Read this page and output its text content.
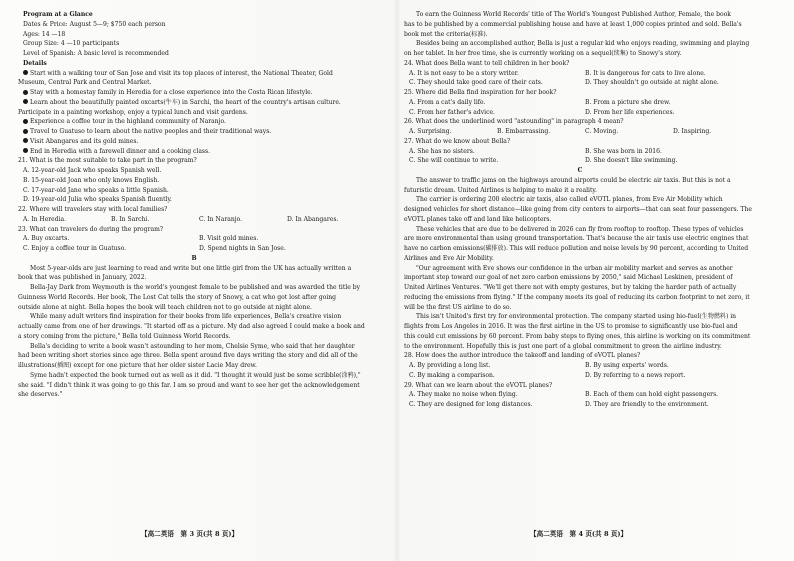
Program at a Glance
Dates & Price: August 5—9; $750 each person
Ages: 14 —18
Group Size: 4 —10 participants
Level of Spanish: A basic level is recommended
Details
Start with a walking tour of San Jose and visit its top places of interest, the National Theater, Gold
Museum, Central Park and Central Market.
Stay with a homestay family in Heredia for a close experience into the Costa Rican lifestyle.
Learn about the beautifully painted oxcarts(牛车) in Sarchi, the heart of the country's artisan culture.
Participate in a painting workshop, enjoy a typical lunch and visit gardens.
Experience a coffee tour in the highland community of Naranjo.
Travel to Guatuso to learn about the native peoples and their traditional ways.
Visit Abangares and its gold mines.
End in Heredia with a farewell dinner and a cooking class.
21. What is the most suitable to take part in the program?
A. 12-year-old Jack who speaks Spanish well.
B. 15-year-old Joan who only knows English.
C. 17-year-old Jane who speaks a little Spanish.
D. 19-year-old Julia who speaks Spanish fluently.
22. Where will travelers stay with local families?
A. In Heredia.	B. In Sarchi.	C. In Naranjo.	D. In Abangares.
23. What can travelers do during the program?
A. Buy oxcarts.	B. Visit gold mines.
C. Enjoy a coffee tour in Guatuso.	D. Spend nights in San Jose.
B
Most 5-year-olds are just learning to read and write but one little girl from the UK has actually written a
book that was published in January, 2022.
Bella-Jay Dark from Weymouth is the world's youngest female to be published and was awarded the title by
Guinness World Records. Her book, The Lost Cat tells the story of Snowy, a cat who got lost after going
outside alone at night. Bella hopes the book will teach children not to go outside at night alone.
While many adult writers find inspiration for their books from life experiences, Bella's creative vision
actually came from one of her drawings. "It started off as a picture. My dad also agreed I could make a book and
a story coming from the picture," Bella told Guinness World Records.
Bella's deciding to write a book wasn't astounding to her mom, Chelsie Syme, who said that her daughter
had been writing short stories since age three. Bella spent around five days writing the story and did all of the
illustrations(插图) except for one picture that her older sister Lacie May drew.
Syme hadn't expected the book turned out as well as it did. "I thought it would just be some scribble(涂鸦),"
she said. "I didn't think it was going to go this far. I am so proud and want to see her get the acknowledgement
she deserves."
【高二英语　第 3 页(共 8 页)】
To earn the Guinness World Records' title of The World's Youngest Published Author, Female, the book
has to be published by a commercial publishing house and have at least 1,000 copies printed and sold. Bella's
book met the criteria(标准).
Besides being an accomplished author, Bella is just a regular kid who enjoys reading, swimming and playing
on her tablet. In her free time, she is currently working on a sequel(续集) to Snowy's story.
24. What does Bella want to tell children in her book?
A. It is not easy to be a story writer.	B. It is dangerous for cats to live alone.
C. They should take good care of their cats.	D. They shouldn't go outside at night alone.
25. Where did Bella find inspiration for her book?
A. From a cat's daily life.	B. From a picture she drew.
C. From her father's advice.	D. From her life experiences.
26. What does the underlined word "astounding" in paragraph 4 mean?
A. Surprising.	B. Embarrassing.	C. Moving.	D. Inspiring.
27. What do we know about Bella?
A. She has no sisters.	B. She was born in 2016.
C. She will continue to write.	D. She doesn't like swimming.
C
The answer to traffic jams on the highways around airports could be electric air taxis. But this is not a
futuristic dream. United Airlines is helping to make it a reality.
The carrier is ordering 200 electric air taxis, also called eVOTL planes, from Eve Air Mobility which
designed vehicles for short distance—like going from city centers to airports—that can seat four passengers. The
eVOTL planes take off and land like helicopters.
These vehicles that are due to be delivered in 2026 can fly from rooftop to rooftop. These types of vehicles
are more environmental than using ground transportation. That's because the air taxis use electric engines that
have no carbon emissions(碳排放). This will reduce pollution and noise levels by 90 percent, according to United
Airlines and Eve Air Mobility.
"Our agreement with Eve shows our confidence in the urban air mobility market and serves as another
important step toward our goal of net zero carbon emissions by 2050," said Michael Leskinen, president of
United Airlines Ventures. "We'll get there not with empty gestures, but by taking the harder path of actually
reducing the emissions from flying." If the company meets its goal of reducing its carbon footprint to net zero, it
will be the first US airline to do so.
This isn't United's first try for environmental protection. The company started using bio-fuel(生物燃料) in
flights from Los Angeles in 2016. It was the first airline in the US to promise to significantly use bio-fuel and
this could cut emissions by 60 percent. From baby steps to flying ones, this airline is working on its commitment
to the environment. Hopefully this is just one part of a global commitment to green the airline industry.
28. How does the author introduce the takeoff and landing of eVOTL planes?
A. By providing a long list.	B. By using experts' words.
C. By making a comparison.	D. By referring to a news report.
29. What can we learn about the eVOTL planes?
A. They make no noise when flying.	B. Each of them can hold eight passengers.
C. They are designed for long distances.	D. They are friendly to the environment.
【高二英语　第 4 页(共 8 页)】
